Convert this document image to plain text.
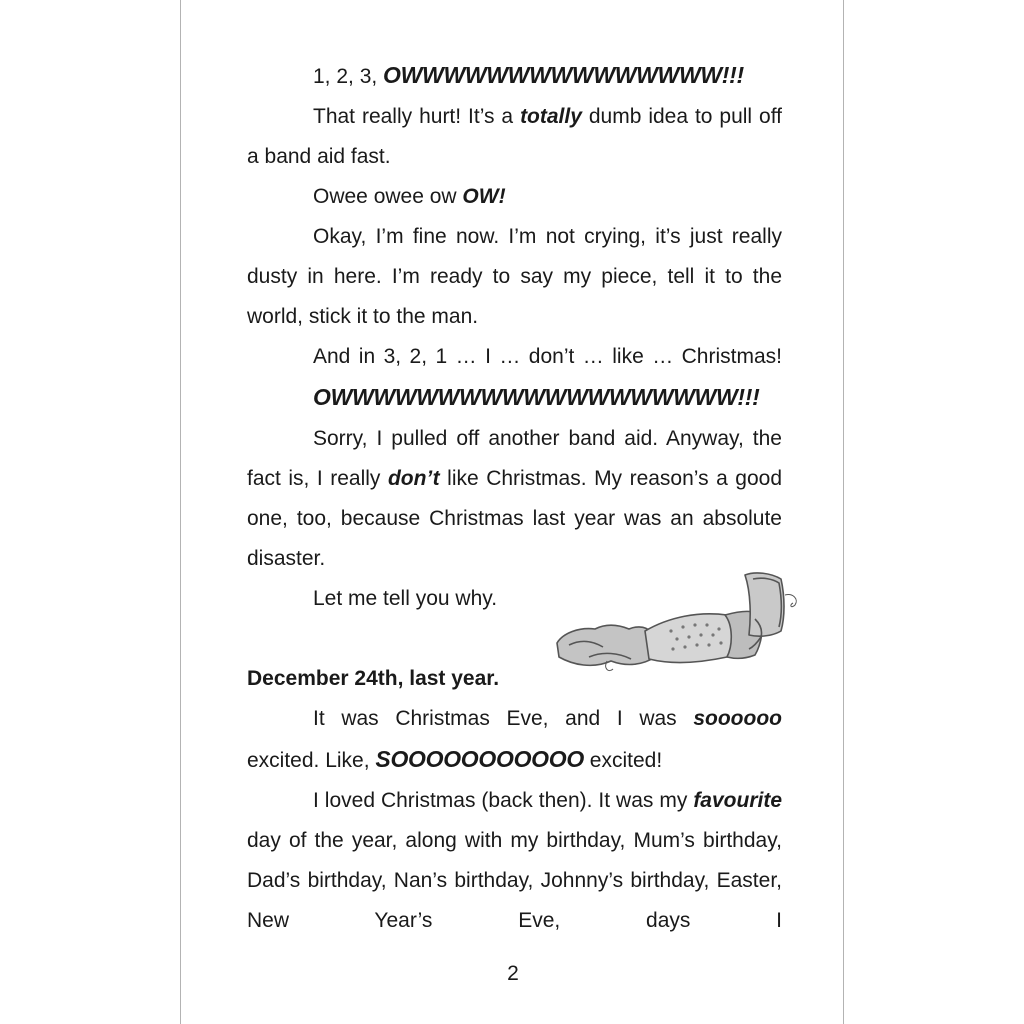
1, 2, 3, OWWWWWWWWWWWWWWW!!!

That really hurt! It’s a totally dumb idea to pull off a band aid fast.

Owee owee ow OW!

Okay, I’m fine now. I’m not crying, it’s just really dusty in here. I’m ready to say my piece, tell it to the world, stick it to the man.

And in 3, 2, 1 … I … don’t … like … Christmas!

OWWWWWWWWWWWWWWWWWWW!!!

Sorry, I pulled off another band aid. Anyway, the fact is, I really don’t like Christmas. My reason’s a good one, too, because Christmas last year was an absolute disaster.

Let me tell you why.

December 24th, last year.

It was Christmas Eve, and I was soooooo excited. Like, SOOOOOOOOOOO excited!

I loved Christmas (back then). It was my favourite day of the year, along with my birthday, Mum’s birthday, Dad’s birthday, Nan’s birthday, Johnny’s birthday, Easter, New Year’s Eve, days I

2
